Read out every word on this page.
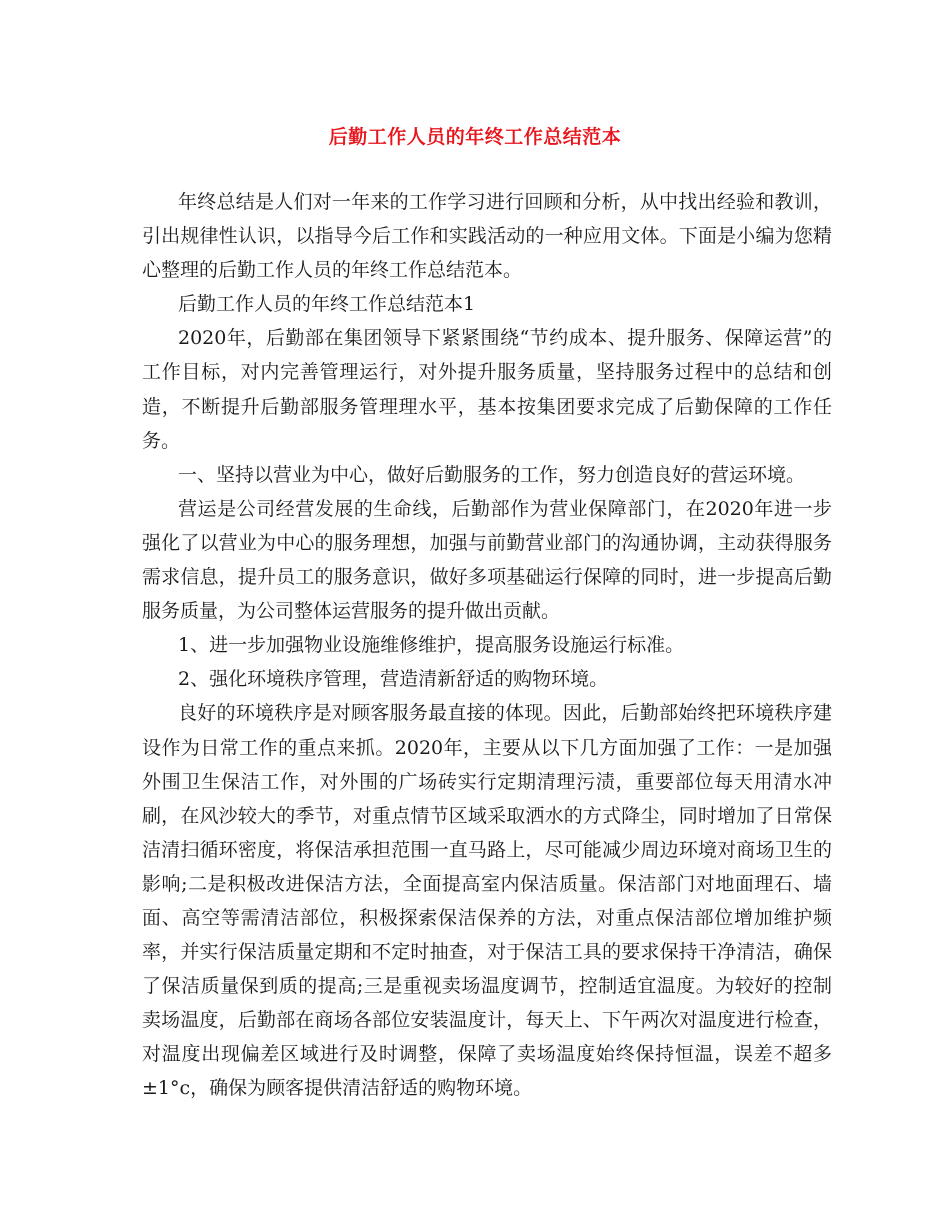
后勤工作人员的年终工作总结范本

年终总结是人们对一年来的工作学习进行回顾和分析，从中找出经验和教训，引出规律性认识，以指导今后工作和实践活动的一种应用文体。下面是小编为您精心整理的后勤工作人员的年终工作总结范本。

后勤工作人员的年终工作总结范本1

2020年，后勤部在集团领导下紧紧围绕“节约成本、提升服务、保障运营”的工作目标，对内完善管理运行，对外提升服务质量，坚持服务过程中的总结和创造，不断提升后勤部服务管理理水平，基本按集团要求完成了后勤保障的工作任务。

一、坚持以营业为中心，做好后勤服务的工作，努力创造良好的营运环境。

营运是公司经营发展的生命线，后勤部作为营业保障部门，在2020年进一步强化了以营业为中心的服务理想，加强与前勤营业部门的沟通协调，主动获得服务需求信息，提升员工的服务意识，做好多项基础运行保障的同时，进一步提高后勤服务质量，为公司整体运营服务的提升做出贡献。

1、进一步加强物业设施维修维护，提高服务设施运行标准。

2、强化环境秩序管理，营造清新舒适的购物环境。

良好的环境秩序是对顾客服务最直接的体现。因此，后勤部始终把环境秩序建设作为日常工作的重点来抓。2020年，主要从以下几方面加强了工作：一是加强外围卫生保洁工作，对外围的广场砖实行定期清理污渍，重要部位每天用清水冲刷，在风沙较大的季节，对重点情节区域采取洒水的方式降尘，同时增加了日常保洁清扫循环密度，将保洁承担范围一直马路上，尽可能减少周边环境对商场卫生的影响;二是积极改进保洁方法，全面提高室内保洁质量。保洁部门对地面理石、墙面、高空等需清洁部位，积极探索保洁保养的方法，对重点保洁部位增加维护频率，并实行保洁质量定期和不定时抽查，对于保洁工具的要求保持干净清洁，确保了保洁质量保到质的提高;三是重视卖场温度调节，控制适宜温度。为较好的控制卖场温度，后勤部在商场各部位安装温度计，每天上、下午两次对温度进行检查，对温度出现偏差区域进行及时调整，保障了卖场温度始终保持恒温，误差不超多±1°c，确保为顾客提供清洁舒适的购物环境。
